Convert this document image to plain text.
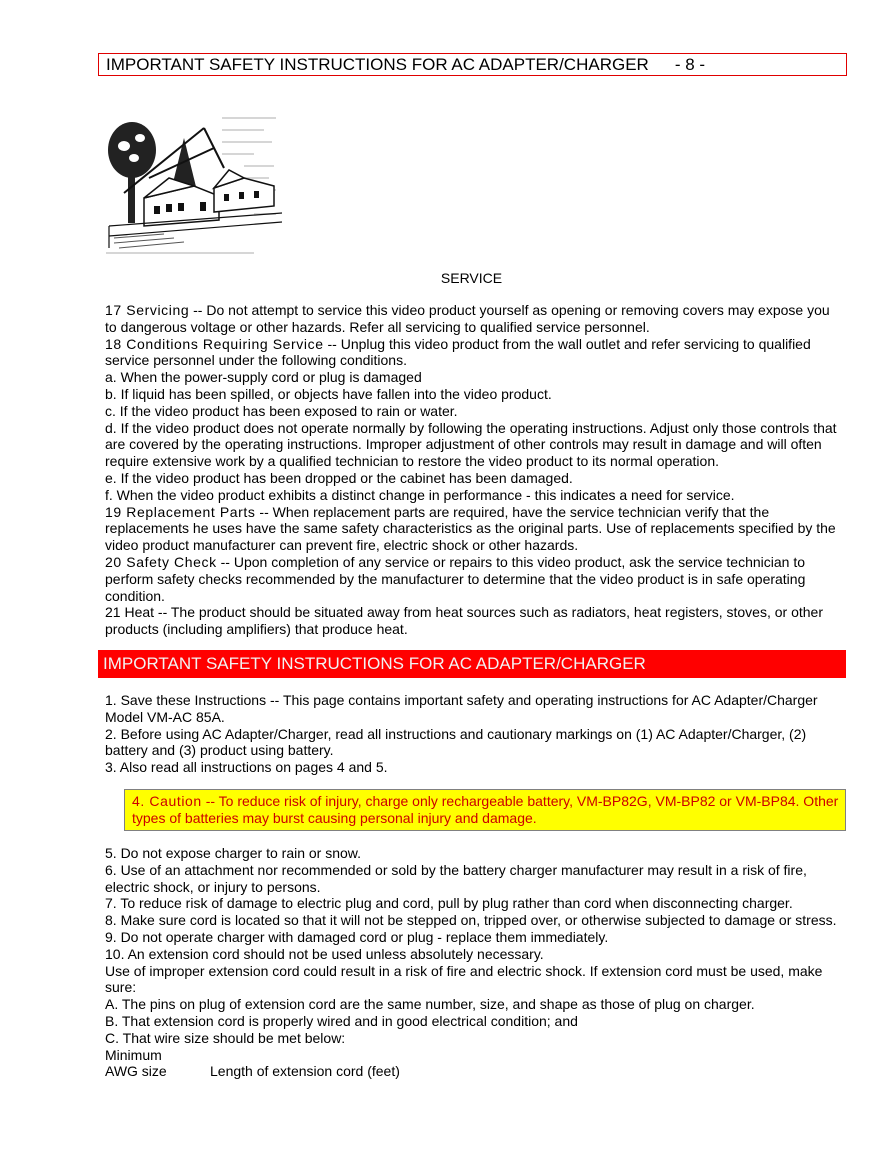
IMPORTANT SAFETY INSTRUCTIONS FOR AC ADAPTER/CHARGER - 8 -
SERVICE

17 Servicing -- Do not attempt to service this video product yourself as opening or removing covers may expose you to dangerous voltage or other hazards. Refer all servicing to qualified service personnel.

18 Conditions Requiring Service -- Unplug this video product from the wall outlet and refer servicing to qualified service personnel under the following conditions.

a. When the power-supply cord or plug is damaged

b. If liquid has been spilled, or objects have fallen into the video product.

c. If the video product has been exposed to rain or water.

d. If the video product does not operate normally by following the operating instructions. Adjust only those controls that are covered by the operating instructions. Improper adjustment of other controls may result in damage and will often require extensive work by a qualified technician to restore the video product to its normal operation.

e. If the video product has been dropped or the cabinet has been damaged.

f. When the video product exhibits a distinct change in performance - this indicates a need for service.

19 Replacement Parts -- When replacement parts are required, have the service technician verify that the replacements he uses have the same safety characteristics as the original parts. Use of replacements specified by the video product manufacturer can prevent fire, electric shock or other hazards.

20 Safety Check -- Upon completion of any service or repairs to this video product, ask the service technician to perform safety checks recommended by the manufacturer to determine that the video product is in safe operating condition.

21 Heat -- The product should be situated away from heat sources such as radiators, heat registers, stoves, or other products (including amplifiers) that produce heat.

IMPORTANT SAFETY INSTRUCTIONS FOR AC ADAPTER/CHARGER

1. Save these Instructions -- This page contains important safety and operating instructions for AC Adapter/Charger Model VM-AC 85A.

2. Before using AC Adapter/Charger, read all instructions and cautionary markings on (1) AC Adapter/Charger, (2) battery and (3) product using battery.

3. Also read all instructions on pages 4 and 5.

4. Caution -- To reduce risk of injury, charge only rechargeable battery, VM-BP82G, VM-BP82 or VM-BP84. Other types of batteries may burst causing personal injury and damage.

5. Do not expose charger to rain or snow.

6. Use of an attachment nor recommended or sold by the battery charger manufacturer may result in a risk of fire, electric shock, or injury to persons.

7. To reduce risk of damage to electric plug and cord, pull by plug rather than cord when disconnecting charger.

8. Make sure cord is located so that it will not be stepped on, tripped over, or otherwise subjected to damage or stress.

9. Do not operate charger with damaged cord or plug - replace them immediately.

10. An extension cord should not be used unless absolutely necessary.

Use of improper extension cord could result in a risk of fire and electric shock. If extension cord must be used, make sure:

A. The pins on plug of extension cord are the same number, size, and shape as those of plug on charger.

B. That extension cord is properly wired and in good electrical condition; and

C. That wire size should be met below:

Minimum

AWG size	Length of extension cord (feet)
